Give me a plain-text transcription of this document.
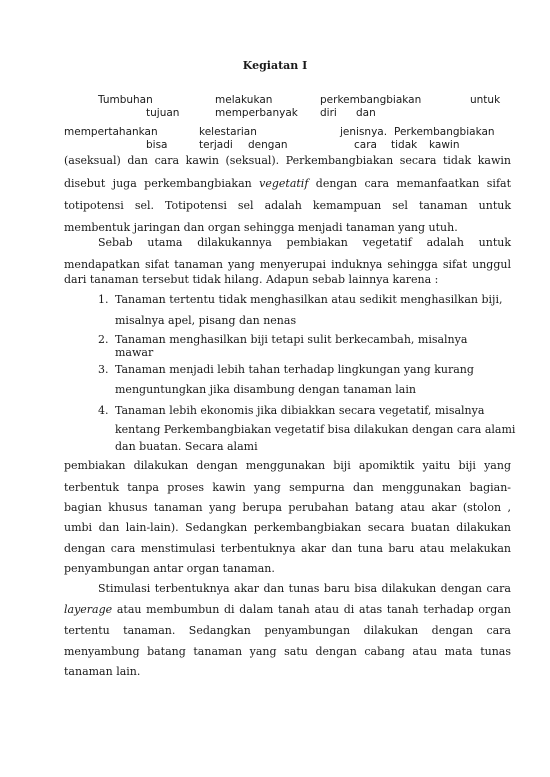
Kegiatan I
Tumbuhan	melakukan	perkembangbiakan	untuk
tujuan	memperbanyak diri dan
mempertahankan	kelestarian	jenisnya. Perkembangbiakan
bisa	terjadi dengan	cara tidak kawin
(aseksual) dan cara kawin (seksual). Perkembangbiakan secara tidak kawin
disebut juga perkembangbiakan vegetatif dengan cara memanfaatkan sifat
totipotensi sel. Totipotensi sel adalah kemampuan sel tanaman untuk
membentuk jaringan dan organ sehingga menjadi tanaman yang utuh.
Sebab utama dilakukannya pembiakan vegetatif adalah untuk
mendapatkan sifat tanaman yang menyerupai induknya sehingga sifat unggul
dari tanaman tersebut tidak hilang. Adapun sebab lainnya karena :
1. Tanaman tertentu tidak menghasilkan atau sedikit menghasilkan biji,
misalnya apel, pisang dan nenas
2. Tanaman menghasilkan biji tetapi sulit berkecambah, misalnya
mawar
3. Tanaman menjadi lebih tahan terhadap lingkungan yang kurang
menguntungkan jika disambung dengan tanaman lain
4. Tanaman lebih ekonomis jika dibiakkan secara vegetatif, misalnya
kentang Perkembangbiakan vegetatif bisa dilakukan dengan cara alami
dan buatan. Secara alami
pembiakan dilakukan dengan menggunakan biji apomiktik yaitu biji yang
terbentuk tanpa proses kawin yang sempurna dan menggunakan bagian-
bagian khusus tanaman yang berupa perubahan batang atau akar (stolon ,
umbi dan lain-lain). Sedangkan perkembangbiakan secara buatan dilakukan
dengan cara menstimulasi terbentuknya akar dan tuna baru atau melakukan
penyambungan antar organ tanaman.
Stimulasi terbentuknya akar dan tunas baru bisa dilakukan dengan cara
layerage atau membumbun di dalam tanah atau di atas tanah terhadap organ
tertentu tanaman. Sedangkan penyambungan dilakukan dengan cara
menyambung batang tanaman yang satu dengan cabang atau mata tunas
tanaman lain.
